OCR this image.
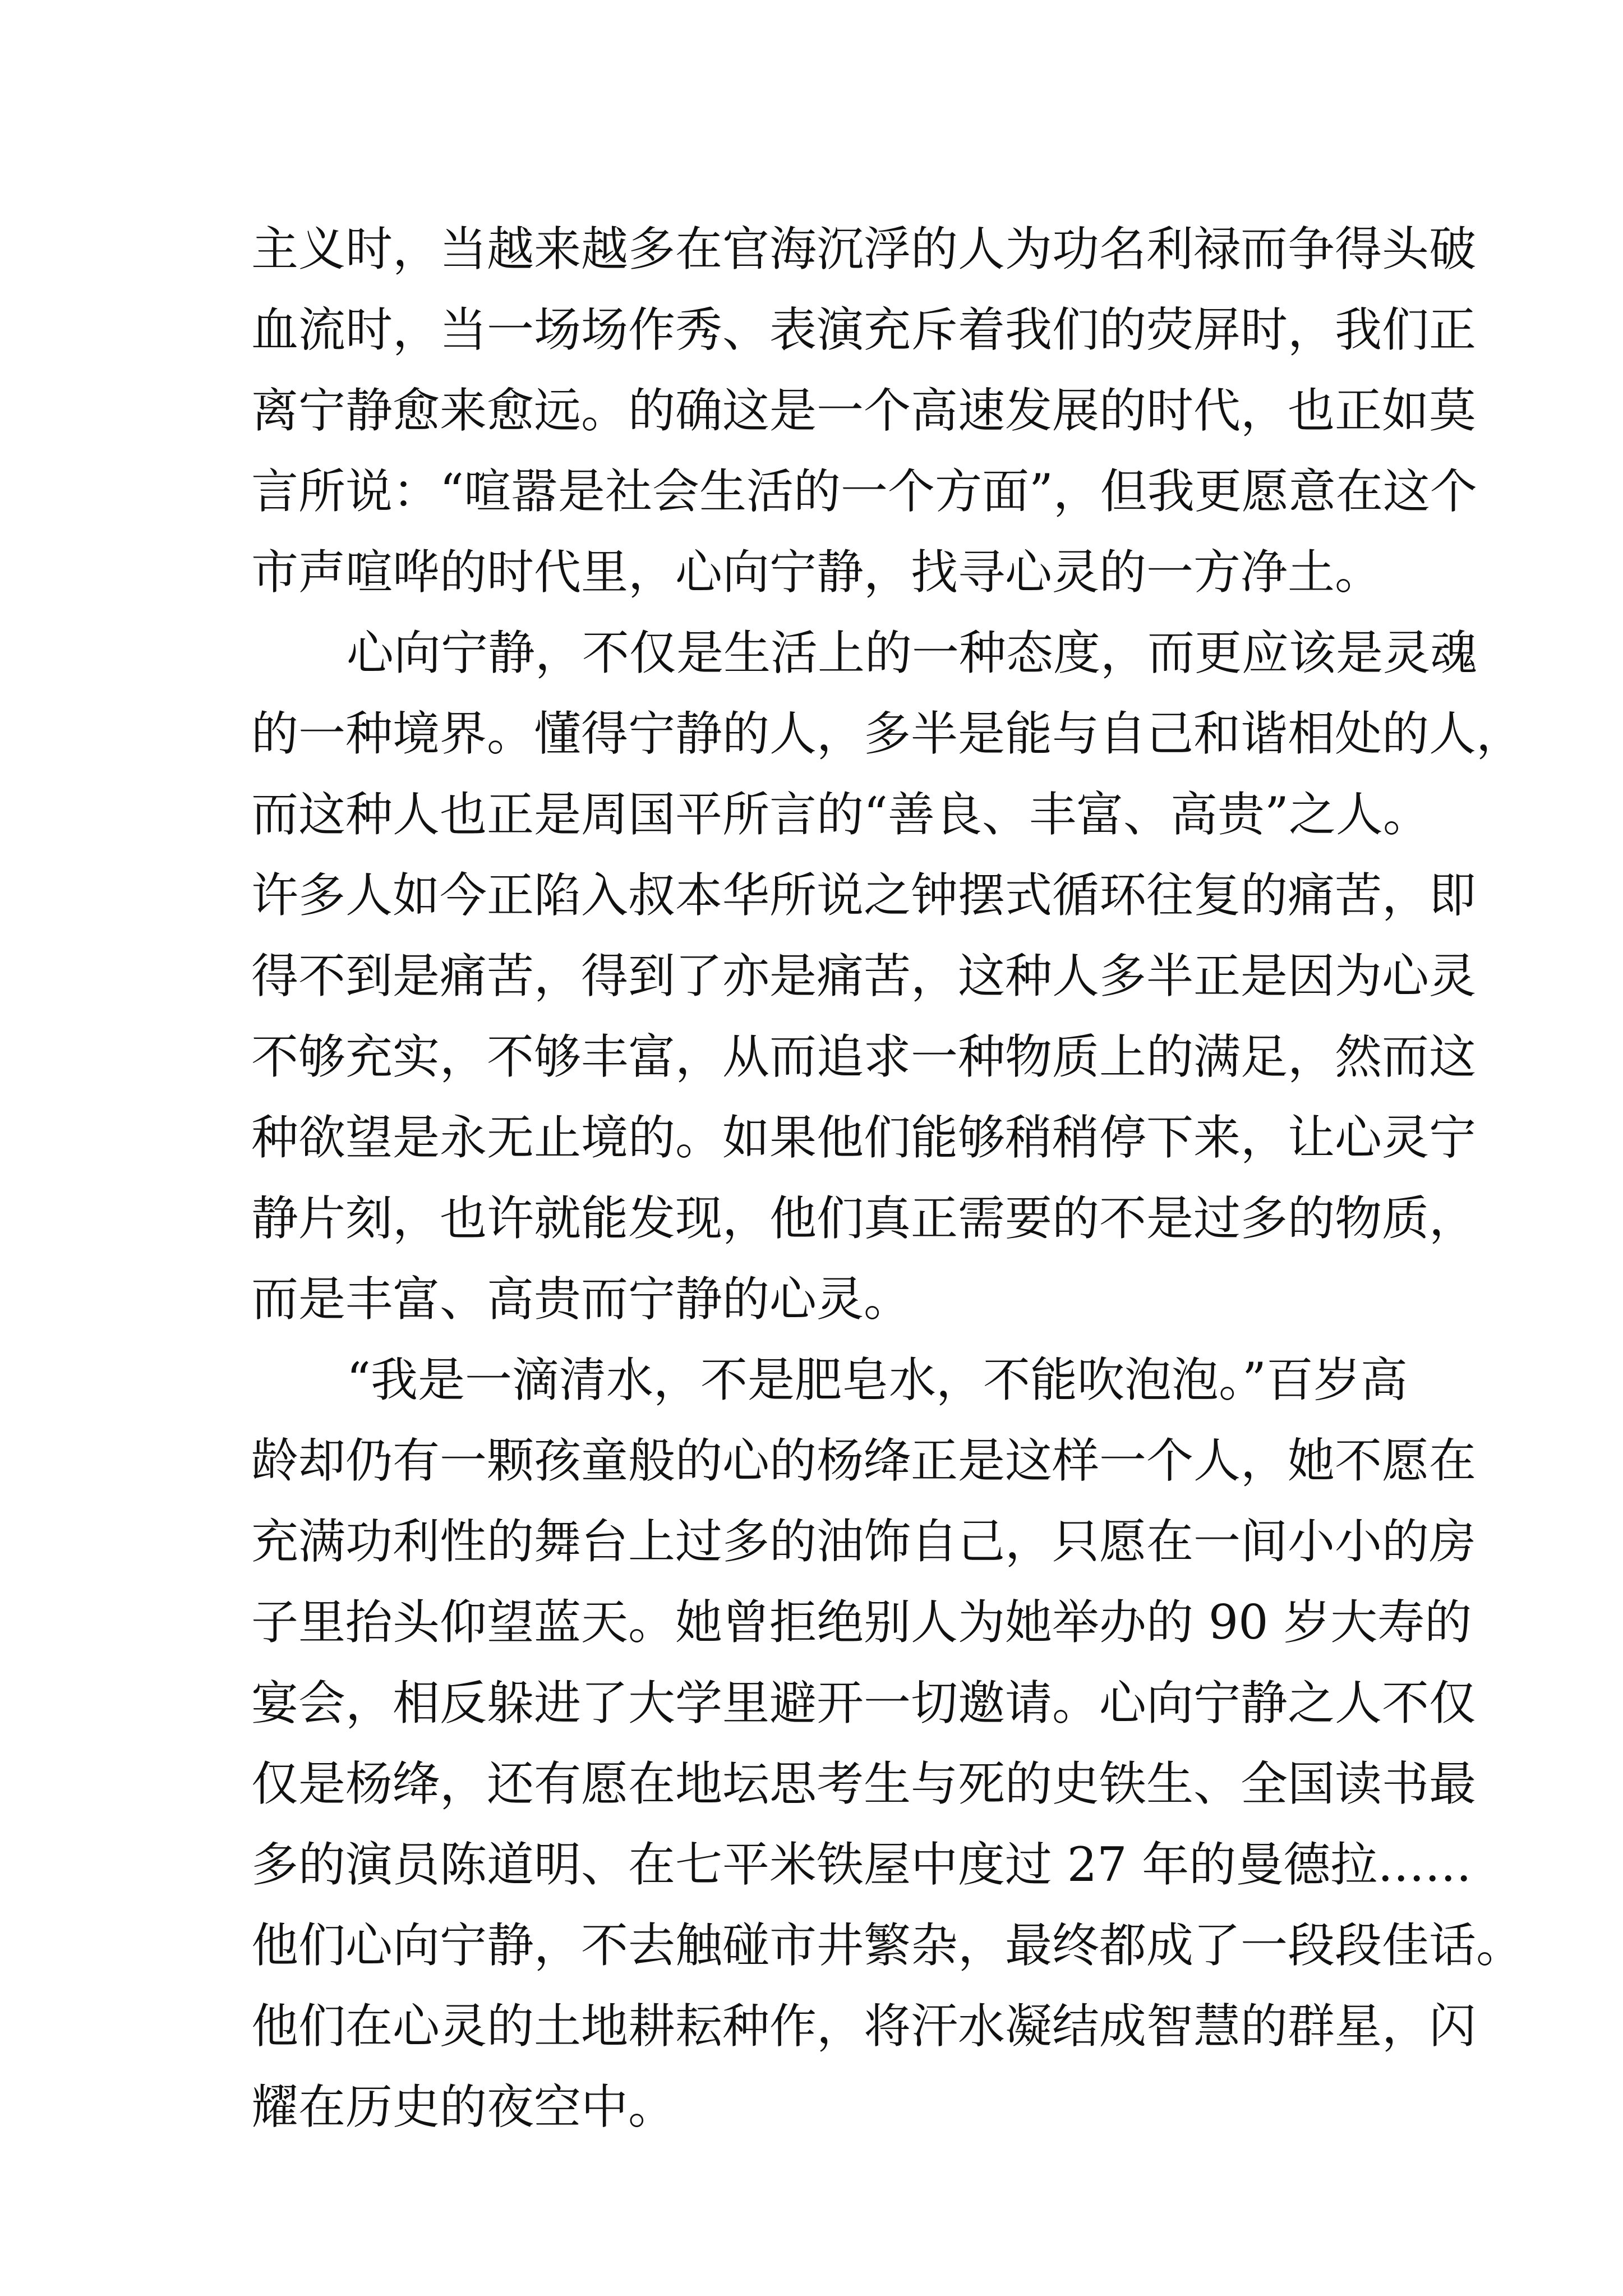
主义时，当越来越多在官海沉浮的人为功名利禄而争得头破
血流时，当一场场作秀、表演充斥着我们的荧屏时，我们正
离宁静愈来愈远。的确这是一个高速发展的时代，也正如莫
言所说：“喧嚣是社会生活的一个方面”，但我更愿意在这个
市声喧哗的时代里，心向宁静，找寻心灵的一方净土。
心向宁静，不仅是生活上的一种态度，而更应该是灵魂
的一种境界。懂得宁静的人，多半是能与自己和谐相处的人，
而这种人也正是周国平所言的“善良、丰富、高贵”之人。
许多人如今正陷入叔本华所说之钟摆式循环往复的痛苦，即
得不到是痛苦，得到了亦是痛苦，这种人多半正是因为心灵
不够充实，不够丰富，从而追求一种物质上的满足，然而这
种欲望是永无止境的。如果他们能够稍稍停下来，让心灵宁
静片刻，也许就能发现，他们真正需要的不是过多的物质，
而是丰富、高贵而宁静的心灵。
“我是一滴清水，不是肥皂水，不能吹泡泡。”百岁高
龄却仍有一颗孩童般的心的杨绛正是这样一个人，她不愿在
充满功利性的舞台上过多的油饰自己，只愿在一间小小的房
子里抬头仰望蓝天。她曾拒绝别人为她举办的 90 岁大寿的
宴会，相反躲进了大学里避开一切邀请。心向宁静之人不仅
仅是杨绛，还有愿在地坛思考生与死的史铁生、全国读书最
多的演员陈道明、在七平米铁屋中度过 27 年的曼德拉……
他们心向宁静，不去触碰市井繁杂，最终都成了一段段佳话。
他们在心灵的土地耕耘种作，将汗水凝结成智慧的群星，闪
耀在历史的夜空中。
